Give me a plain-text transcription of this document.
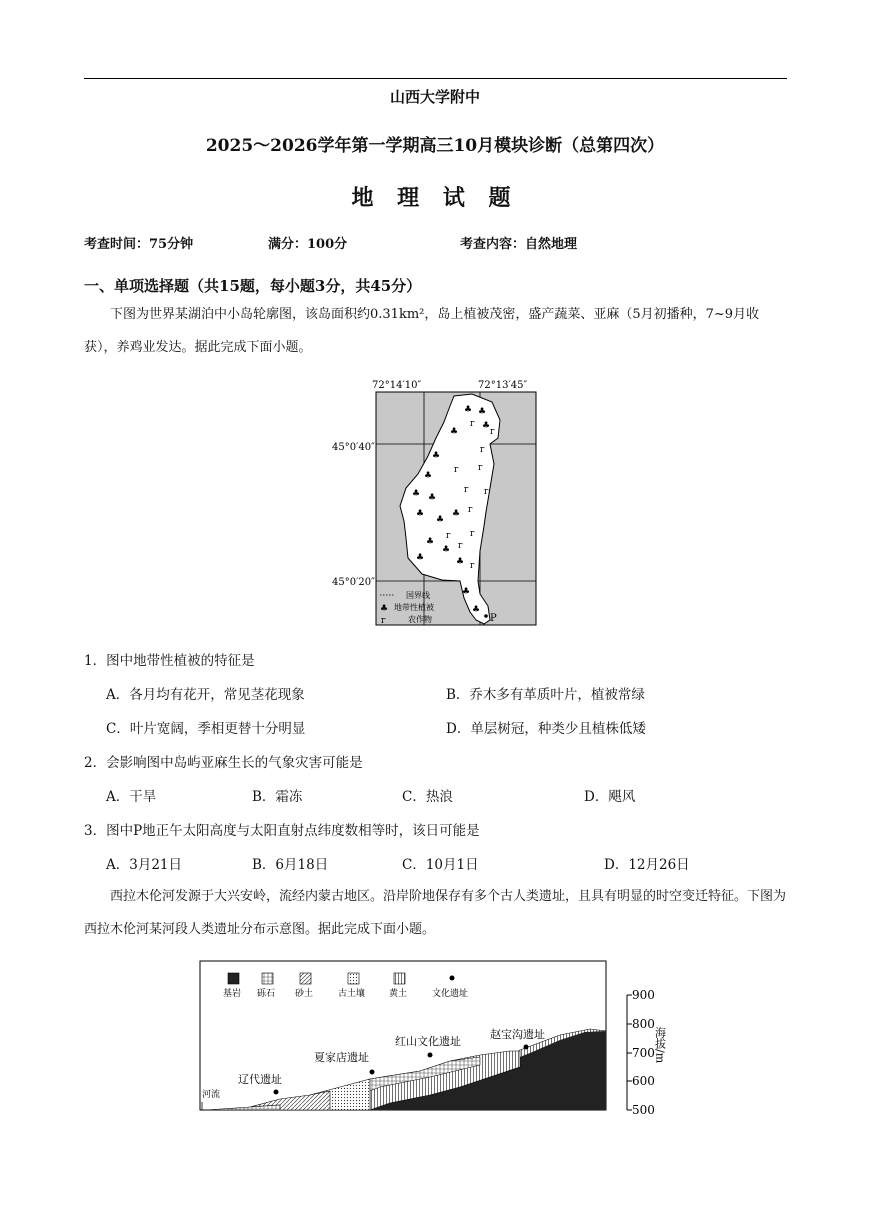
山西大学附中
2025～2026学年第一学期高三10月模块诊断（总第四次）
地 理 试 题
考查时间：75分钟	满分：100分	考查内容：自然地理
一、单项选择题（共15题，每小题3分，共45分）
下图为世界某湖泊中小岛轮廓图，该岛面积约0.31km²，岛上植被茂密，盛产蔬菜、亚麻（5月初播种，7~9月收获），养鸡业发达。据此完成下面小题。
72°14′10″	72°13′45″
45°0′40″
45°0′20″
♣ ♣
♣
♣
♣
♣
♣ ♣
♣
♣
♣
♣
♣
♣
♣
♣
♣
ᴦ
ᴦ
ᴦ
ᴦ ᴦ
ᴦ ᴦ
ᴦ
ᴦ ᴦ
ᴦ
ᴦ
P
国界线
♣ 地带性植被
ᴦ	农作物
1．图中地带性植被的特征是
A．各月均有花开，常见茎花现象	B．乔木多有革质叶片，植被常绿
C．叶片宽阔，季相更替十分明显	D．单层树冠，种类少且植株低矮
2．会影响图中岛屿亚麻生长的气象灾害可能是
A．干旱	B．霜冻	C．热浪	D．飓风
3．图中P地正午太阳高度与太阳直射点纬度数相等时，该日可能是
A．3月21日	B．6月18日	C．10月1日	D．12月26日
西拉木伦河发源于大兴安岭，流经内蒙古地区。沿岸阶地保存有多个古人类遗址，且具有明显的时空变迁特征。下图为西拉木伦河某河段人类遗址分布示意图。据此完成下面小题。
基岩 砾石 砂土	古土壤	黄土	文化遗址
辽代遗址
夏家店遗址
红山文化遗址
赵宝沟遗址
河流
900
800
700
600
500
海拔/m
